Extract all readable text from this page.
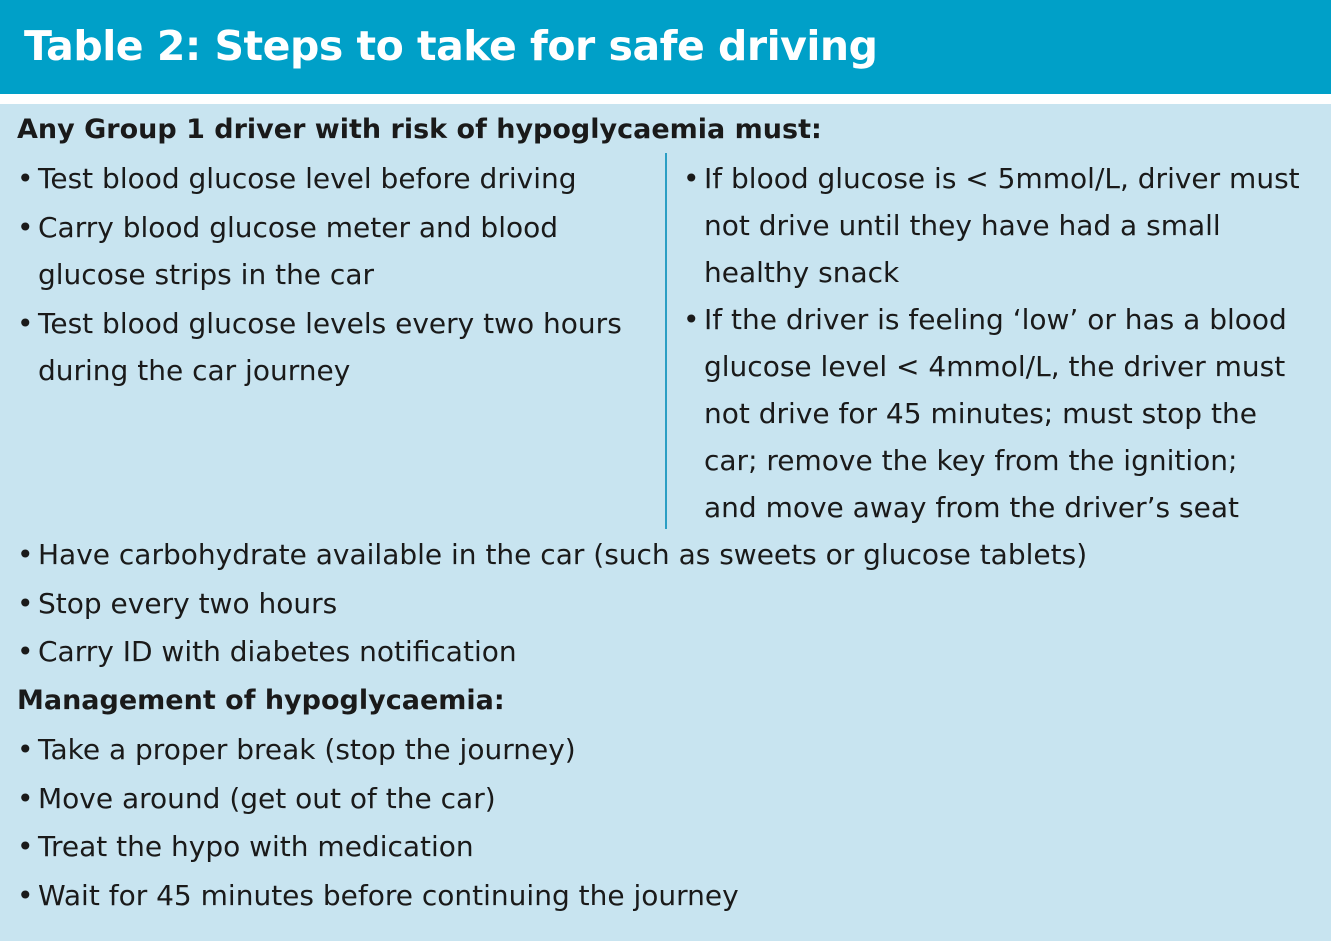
Table 2: Steps to take for safe driving
Any Group 1 driver with risk of hypoglycaemia must:
• Test blood glucose level before driving
• Carry blood glucose meter and blood
glucose strips in the car
• Test blood glucose levels every two hours
during the car journey
• If blood glucose is < 5mmol/L, driver must
not drive until they have had a small
healthy snack
• If the driver is feeling ‘low’ or has a blood
glucose level < 4mmol/L, the driver must
not drive for 45 minutes; must stop the
car; remove the key from the ignition;
and move away from the driver’s seat
• Have carbohydrate available in the car (such as sweets or glucose tablets)
• Stop every two hours
• Carry ID with diabetes notification
Management of hypoglycaemia:
• Take a proper break (stop the journey)
• Move around (get out of the car)
• Treat the hypo with medication
• Wait for 45 minutes before continuing the journey
